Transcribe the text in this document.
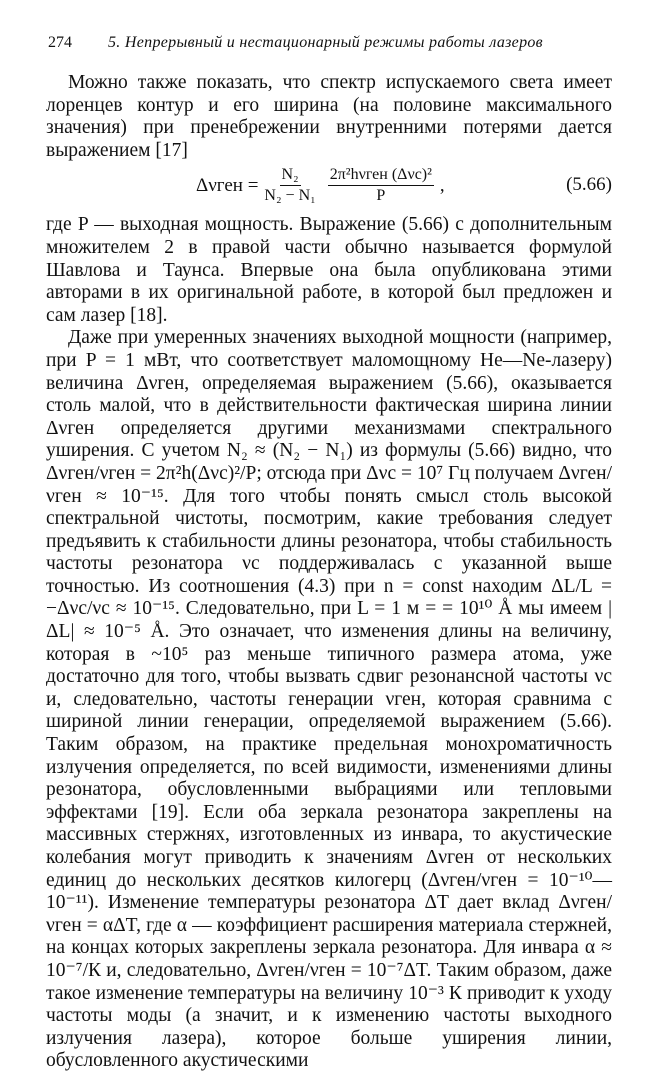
274 5. Непрерывный и нестационарный режимы работы лазеров

Можно также показать, что спектр испускаемого света имеет лоренцев контур и его ширина (на половине максимального значения) при пренебрежении внутренними потерями дается выражением [17]

$\Delta\nu ген = \frac{\text{N₂}}{\text{N₂ − N₁}} \frac{\text{2π²hνген (Δνc)²}}{P}$ ,	(5.66)

где P — выходная мощность. Выражение (5.66) с дополнительным множителем 2 в правой части обычно называется формулой Шавлова и Таунса. Впервые она была опубликована этими авторами в их оригинальной работе, в которой был предложен и сам лазер [18].

Даже при умеренных значениях выходной мощности (например, при P = 1 мВт, что соответствует маломощному He—Ne-лазеру) величина Δνген, определяемая выражением (5.66), оказывается столь малой, что в действительности фактическая ширина линии Δνген определяется другими механизмами спектрального уширения. С учетом N₂ ≈ (N₂ − N₁) из формулы (5.66) видно, что Δνген/νген = 2π²h(Δνc)²/P; отсюда при Δνc = 10⁷ Гц получаем Δνген/νген ≈ 10⁻¹⁵. Для того чтобы понять смысл столь высокой спектральной чистоты, посмотрим, какие требования следует предъявить к стабильности длины резонатора, чтобы стабильность частоты резонатора νc поддерживалась с указанной выше точностью. Из соотношения (4.3) при n = const находим ΔL/L = −Δνc/νc ≈ 10⁻¹⁵. Следовательно, при L = 1 м = = 10¹⁰ Å мы имеем |ΔL| ≈ 10⁻⁵ Å. Это означает, что изменения длины на величину, которая в ~10⁵ раз меньше типичного размера атома, уже достаточно для того, чтобы вызвать сдвиг резонансной частоты νc и, следовательно, частоты генерации νген, которая сравнима с шириной линии генерации, определяемой выражением (5.66). Таким образом, на практике предельная монохроматичность излучения определяется, по всей видимости, изменениями длины резонатора, обусловленными выбрациями или тепловыми эффектами [19]. Если оба зеркала резонатора закреплены на массивных стержнях, изготовленных из инвара, то акустические колебания могут приводить к значениям Δνген от нескольких единиц до нескольких десятков килогерц (Δνген/νген = 10⁻¹⁰—10⁻¹¹). Изменение температуры резонатора ΔT дает вклад Δνген/νген = αΔT, где α — коэффициент расширения материала стержней, на концах которых закреплены зеркала резонатора. Для инвара α ≈ 10⁻⁷/К и, следовательно, Δνген/νген = 10⁻⁷ΔT. Таким образом, даже такое изменение температуры на величину 10⁻³ К приводит к уходу частоты моды (а значит, и к изменению частоты выходного излучения лазера), которое больше уширения линии, обусловленного акустическими
